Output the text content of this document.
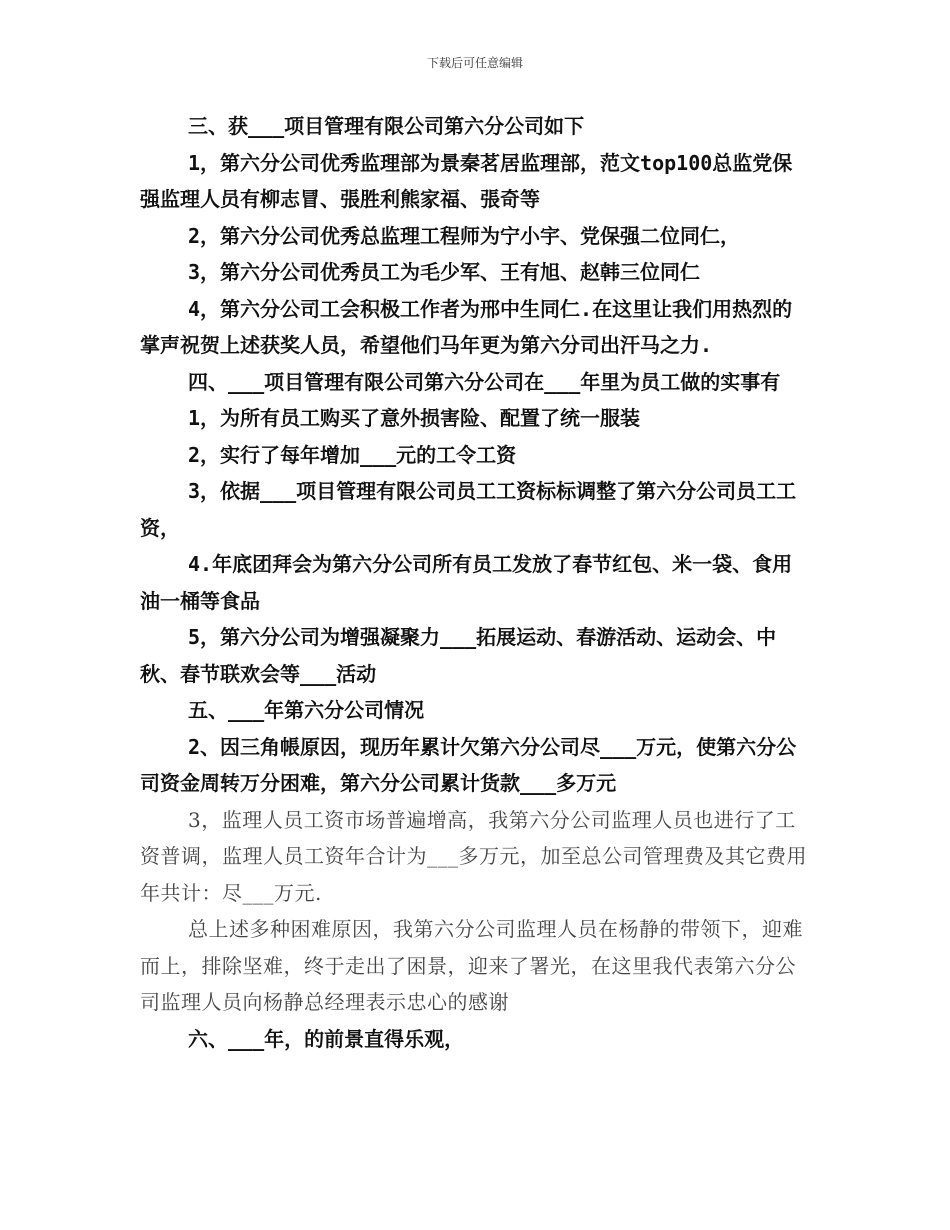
下载后可任意编辑

三、获___项目管理有限公司第六分公司如下

1，第六分公司优秀监理部为景秦茗居监理部，范文top100总监党保强监理人员有柳志冒、張胜利熊家福、張奇等

2，第六分公司优秀总监理工程师为宁小宇、党保强二位同仁，

3，第六分公司优秀员工为毛少军、王有旭、赵韩三位同仁

4，第六分公司工会积极工作者为邢中生同仁.在这里让我们用热烈的掌声祝贺上述获奖人员，希望他们马年更为第六分司出汗马之力.

四、___项目管理有限公司第六分公司在___年里为员工做的实事有

1，为所有员工购买了意外损害险、配置了统一服装

2，实行了每年增加___元的工令工资

3，依据___项目管理有限公司员工工资标标调整了第六分公司员工工资，

4.年底团拜会为第六分公司所有员工发放了春节红包、米一袋、食用油一桶等食品

5，第六分公司为增强凝聚力___拓展运动、春游活动、运动会、中秋、春节联欢会等___活动

五、___年第六分公司情况

2、因三角帳原因，现历年累计欠第六分公司尽___万元，使第六分公司资金周转万分困难，第六分公司累计货款___多万元

3，监理人员工资市场普遍增高，我第六分公司监理人员也进行了工资普调，监理人员工资年合计为___多万元，加至总公司管理费及其它费用年共计：尽___万元.

总上述多种困难原因，我第六分公司监理人员在杨静的带领下，迎难而上，排除坚难，终于走出了困景，迎来了署光，在这里我代表第六分公司监理人员向杨静总经理表示忠心的感谢

六、___年，的前景直得乐观，
